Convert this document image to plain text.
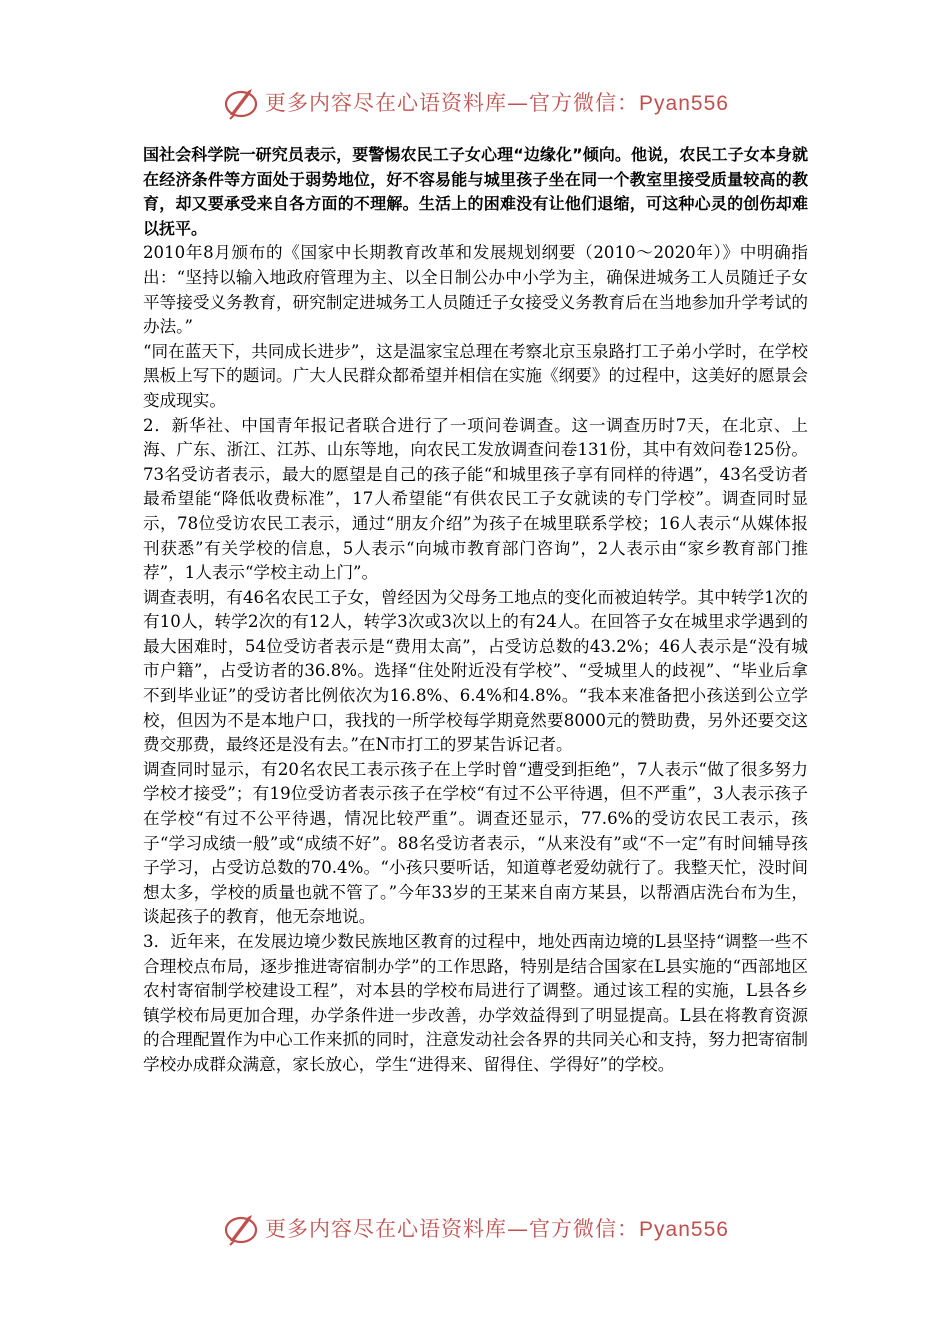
更多内容尽在心语资料库—官方微信：Pyan556

国社会科学院一研究员表示，要警惕农民工子女心理“边缘化”倾向。他说，农民工子女本身就在经济条件等方面处于弱势地位，好不容易能与城里孩子坐在同一个教室里接受质量较高的教育，却又要承受来自各方面的不理解。生活上的困难没有让他们退缩，可这种心灵的创伤却难以抚平。

2010年8月颁布的《国家中长期教育改革和发展规划纲要（2010～2020年）》中明确指出：“坚持以输入地政府管理为主、以全日制公办中小学为主，确保进城务工人员随迁子女平等接受义务教育，研究制定进城务工人员随迁子女接受义务教育后在当地参加升学考试的办法。”

“同在蓝天下，共同成长进步”，这是温家宝总理在考察北京玉泉路打工子弟小学时，在学校黑板上写下的题词。广大人民群众都希望并相信在实施《纲要》的过程中，这美好的愿景会变成现实。

2．新华社、中国青年报记者联合进行了一项问卷调查。这一调查历时7天，在北京、上海、广东、浙江、江苏、山东等地，向农民工发放调查问卷131份，其中有效问卷125份。73名受访者表示，最大的愿望是自己的孩子能“和城里孩子享有同样的待遇”，43名受访者最希望能“降低收费标准”，17人希望能“有供农民工子女就读的专门学校”。调查同时显示，78位受访农民工表示，通过“朋友介绍”为孩子在城里联系学校；16人表示“从媒体报刊获悉”有关学校的信息，5人表示“向城市教育部门咨询”，2人表示由“家乡教育部门推荐”，1人表示“学校主动上门”。

调查表明，有46名农民工子女，曾经因为父母务工地点的变化而被迫转学。其中转学1次的有10人，转学2次的有12人，转学3次或3次以上的有24人。在回答子女在城里求学遇到的最大困难时，54位受访者表示是“费用太高”，占受访总数的43.2%；46人表示是“没有城市户籍”，占受访者的36.8%。选择“住处附近没有学校”、“受城里人的歧视”、“毕业后拿不到毕业证”的受访者比例依次为16.8%、6.4%和4.8%。“我本来准备把小孩送到公立学校，但因为不是本地户口，我找的一所学校每学期竟然要8000元的赞助费，另外还要交这费交那费，最终还是没有去。”在N市打工的罗某告诉记者。

调查同时显示，有20名农民工表示孩子在上学时曾“遭受到拒绝”，7人表示“做了很多努力学校才接受”；有19位受访者表示孩子在学校“有过不公平待遇，但不严重”，3人表示孩子在学校“有过不公平待遇，情况比较严重”。调查还显示，77.6%的受访农民工表示，孩子“学习成绩一般”或“成绩不好”。88名受访者表示，“从来没有”或“不一定”有时间辅导孩子学习，占受访总数的70.4%。“小孩只要听话，知道尊老爱幼就行了。我整天忙，没时间想太多，学校的质量也就不管了。”今年33岁的王某来自南方某县，以帮酒店洗台布为生，谈起孩子的教育，他无奈地说。

3．近年来，在发展边境少数民族地区教育的过程中，地处西南边境的L县坚持“调整一些不合理校点布局，逐步推进寄宿制办学”的工作思路，特别是结合国家在L县实施的“西部地区农村寄宿制学校建设工程”，对本县的学校布局进行了调整。通过该工程的实施，L县各乡镇学校布局更加合理，办学条件进一步改善，办学效益得到了明显提高。L县在将教育资源的合理配置作为中心工作来抓的同时，注意发动社会各界的共同关心和支持，努力把寄宿制学校办成群众满意，家长放心，学生“进得来、留得住、学得好”的学校。

更多内容尽在心语资料库—官方微信：Pyan556
